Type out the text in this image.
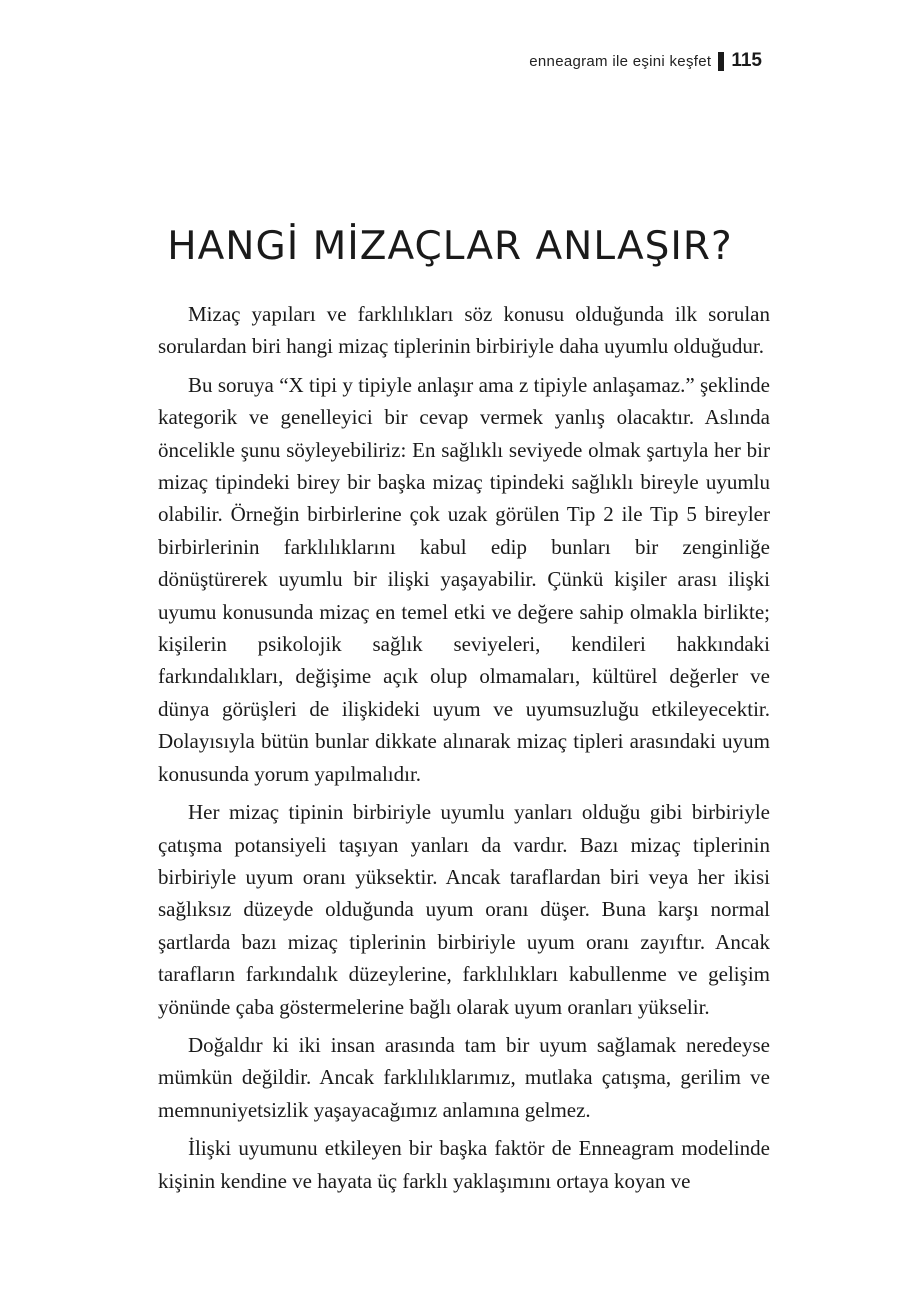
enneagram ile eşini keşfet 115
HANGİ MİZAÇLAR ANLAŞIR?

Mizaç yapıları ve farklılıkları söz konusu olduğunda ilk sorulan sorulardan biri hangi mizaç tiplerinin birbiriyle daha uyumlu olduğudur.

Bu soruya “X tipi y tipiyle anlaşır ama z tipiyle anlaşamaz.” şeklinde kategorik ve genelleyici bir cevap vermek yanlış olacaktır. Aslında öncelikle şunu söyleyebiliriz: En sağlıklı seviyede olmak şartıyla her bir mizaç tipindeki birey bir başka mizaç tipindeki sağlıklı bireyle uyumlu olabilir. Örneğin birbirlerine çok uzak görülen Tip 2 ile Tip 5 bireyler birbirlerinin farklılıklarını kabul edip bunları bir zenginliğe dönüştürerek uyumlu bir ilişki yaşayabilir. Çünkü kişiler arası ilişki uyumu konusunda mizaç en temel etki ve değere sahip olmakla birlikte; kişilerin psikolojik sağlık seviyeleri, kendileri hakkındaki farkındalıkları, değişime açık olup olmamaları, kültürel değerler ve dünya görüşleri de ilişkideki uyum ve uyumsuzluğu etkileyecektir. Dolayısıyla bütün bunlar dikkate alınarak mizaç tipleri arasındaki uyum konusunda yorum yapılmalıdır.

Her mizaç tipinin birbiriyle uyumlu yanları olduğu gibi birbiriyle çatışma potansiyeli taşıyan yanları da vardır. Bazı mizaç tiplerinin birbiriyle uyum oranı yüksektir. Ancak taraflardan biri veya her ikisi sağlıksız düzeyde olduğunda uyum oranı düşer. Buna karşı normal şartlarda bazı mizaç tiplerinin birbiriyle uyum oranı zayıftır. Ancak tarafların farkındalık düzeylerine, farklılıkları kabullenme ve gelişim yönünde çaba göstermelerine bağlı olarak uyum oranları yükselir.

Doğaldır ki iki insan arasında tam bir uyum sağlamak neredeyse mümkün değildir. Ancak farklılıklarımız, mutlaka çatışma, gerilim ve memnuniyetsizlik yaşayacağımız anlamına gelmez.

İlişki uyumunu etkileyen bir başka faktör de Enneagram modelinde kişinin kendine ve hayata üç farklı yaklaşımını ortaya koyan ve
